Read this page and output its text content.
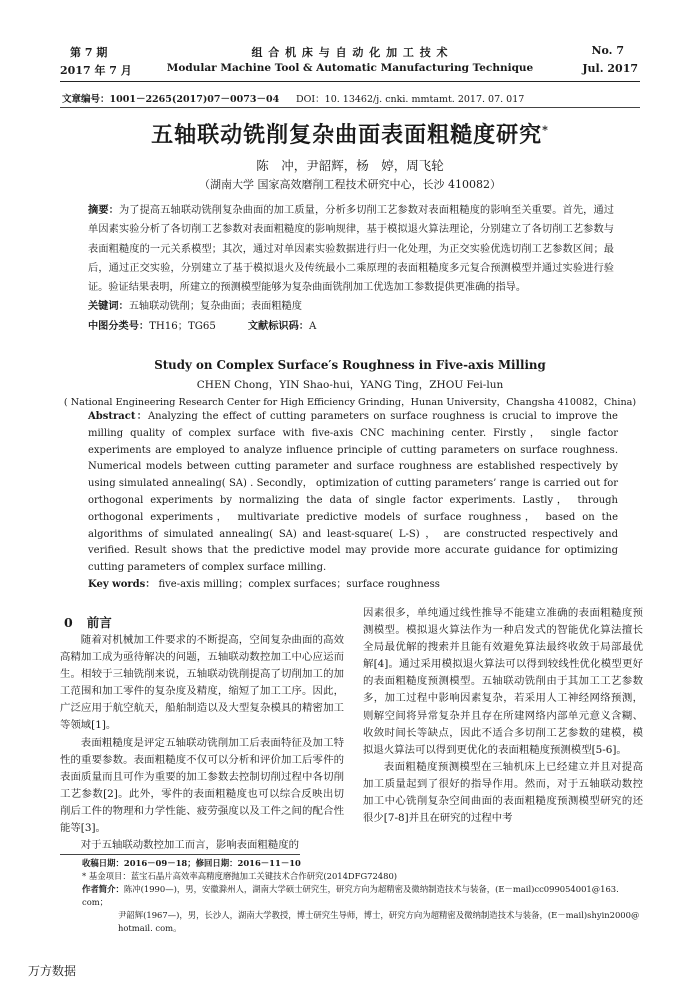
第 7 期
2017 年 7 月
组 合 机 床 与 自 动 化 加 工 技 术
Modular Machine Tool & Automatic Manufacturing Technique
No. 7
Jul. 2017
文章编号：1001－2265(2017)07－0073－04 DOI：10. 13462/j. cnki. mmtamt. 2017. 07. 017
五轴联动铣削复杂曲面表面粗糙度研究*
陈　冲，尹韶辉，杨　婷，周飞轮
（湖南大学 国家高效磨削工程技术研究中心，长沙 410082）

摘要：为了提高五轴联动铣削复杂曲面的加工质量，分析多切削工艺参数对表面粗糙度的影响至关重要。首先，通过单因素实验分析了各切削工艺参数对表面粗糙度的影响规律，基于模拟退火算法理论，分别建立了各切削工艺参数与表面粗糙度的一元关系模型；其次，通过对单因素实验数据进行归一化处理，为正交实验优选切削工艺参数区间；最后，通过正交实验，分别建立了基于模拟退火及传统最小二乘原理的表面粗糙度多元复合预测模型并通过实验进行验证。验证结果表明，所建立的预测模型能够为复杂曲面铣削加工优选加工参数提供更准确的指导。

关键词：五轴联动铣削；复杂曲面；表面粗糙度

中图分类号：TH16；TG65	文献标识码：A

Study on Complex Surface′s Roughness in Five-axis Milling
CHEN Chong，YIN Shao-hui，YANG Ting，ZHOU Fei-lun
( National Engineering Research Center for High Efficiency Grinding，Hunan University，Changsha 410082，China)

Abstract：Analyzing the effect of cutting parameters on surface roughness is crucial to improve the milling quality of complex surface with five-axis CNC machining center. Firstly， single factor experiments are employed to analyze influence principle of cutting parameters on surface roughness. Numerical models between cutting parameter and surface roughness are established respectively by using simulated annealing( SA) . Secondly， optimization of cutting parameters’ range is carried out for orthogonal experiments by normalizing the data of single factor experiments. Lastly， through orthogonal experiments， multivariate predictive models of surface roughness， based on the algorithms of simulated annealing( SA) and least-square( L-S) ， are constructed respectively and verified. Result shows that the predictive model may provide more accurate guidance for optimizing cutting parameters of complex surface milling.

Key words： five-axis milling；complex surfaces；surface roughness

0 前言

随着对机械加工件要求的不断提高，空间复杂曲面的高效高精加工成为亟待解决的问题，五轴联动数控加工中心应运而生。相较于三轴铣削来说，五轴联动铣削提高了切削加工的加工范围和加工零件的复杂度及精度，缩短了加工工序。因此，广泛应用于航空航天，船舶制造以及大型复杂模具的精密加工等领域[1]。

表面粗糙度是评定五轴联动铣削加工后表面特征及加工特性的重要参数。表面粗糙度不仅可以分析和评价加工后零件的表面质量而且可作为重要的加工参数去控制切削过程中各切削工艺参数[2]。此外，零件的表面粗糙度也可以综合反映出切削后工件的物理和力学性能、疲劳强度以及工件之间的配合性能等[3]。

对于五轴联动数控加工而言，影响表面粗糙度的

因素很多，单纯通过线性推导不能建立准确的表面粗糙度预测模型。模拟退火算法作为一种启发式的智能优化算法擅长全局最优解的搜索并且能有效避免算法最终收敛于局部最优解[4]。通过采用模拟退火算法可以得到较线性优化模型更好的表面粗糙度预测模型。五轴联动铣削由于其加工工艺参数多，加工过程中影响因素复杂，若采用人工神经网络预测，则解空间将异常复杂并且存在所建网络内部单元意义含糊、收敛时间长等缺点，因此不适合多切削工艺参数的建模，模拟退火算法可以得到更优化的表面粗糙度预测模型[5-6]。

表面粗糙度预测模型在三轴机床上已经建立并且对提高加工质量起到了很好的指导作用。然而，对于五轴联动数控加工中心铣削复杂空间曲面的表面粗糙度预测模型研究的还很少[7-8]并且在研究的过程中考

收稿日期：2016－09－18；修回日期：2016－11－10

* 基金项目：蓝宝石晶片高效率高精度磨抛加工关键技术合作研究(2014DFG72480)

作者简介：陈冲(1990—)，男，安徽滁州人，湖南大学硕士研究生，研究方向为超精密及微纳制造技术与装备，(E－mail)cc099054001@163. com；

尹韶辉(1967—)，男，长沙人，湖南大学教授，博士研究生导师，博士，研究方向为超精密及微纳制造技术与装备，(E－mail)shyin2000@

hotmail. com。

万方数据
